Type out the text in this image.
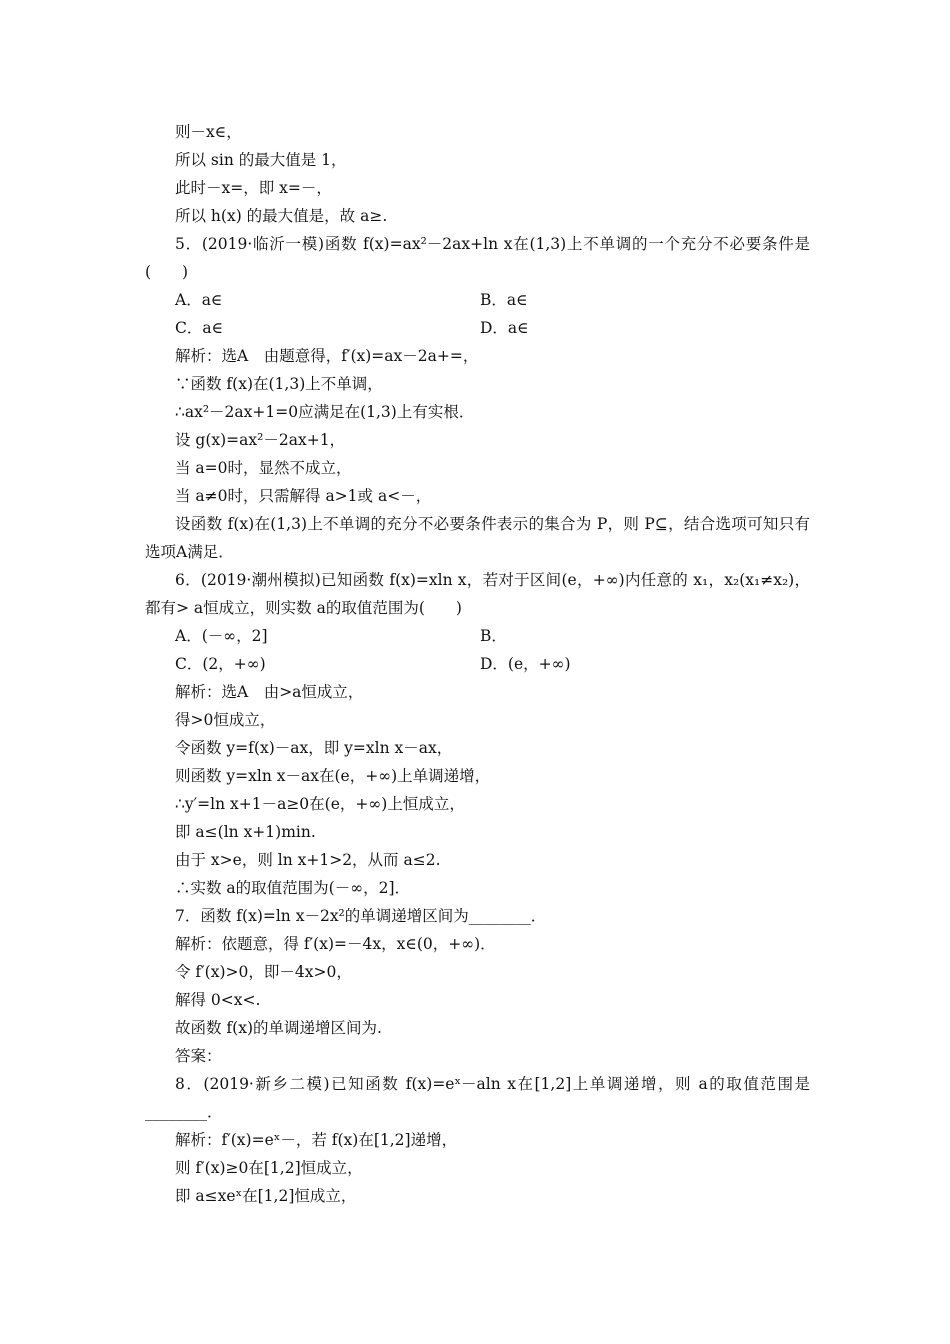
则－x∈，
所以 sin 的最大值是 1，
此时－x=，即 x=－，
所以 h(x) 的最大值是，故 a≥.
5．(2019·临沂一模)函数 f(x)=ax²－2ax+ln x在(1,3)上不单调的一个充分不必要条件是(　　)
A．a∈	B．a∈
C．a∈	D．a∈
解析：选A　由题意得，f′(x)=ax－2a+=，
∵函数 f(x)在(1,3)上不单调，
∴ax²－2ax+1=0应满足在(1,3)上有实根．
设 g(x)=ax²－2ax+1，
当 a=0时，显然不成立，
当 a≠0时，只需解得 a>1或 a<－，
设函数 f(x)在(1,3)上不单调的充分不必要条件表示的集合为 P，则 P⊆，结合选项可知只有选项A满足．
6．(2019·潮州模拟)已知函数 f(x)=xln x，若对于区间(e，+∞)内任意的 x₁，x₂(x₁≠x₂)，都有> a恒成立，则实数 a的取值范围为(　　)
A．(－∞，2]	B．
C．(2，+∞)	D．(e，+∞)
解析：选A　由>a恒成立，
得>0恒成立，
令函数 y=f(x)－ax，即 y=xln x－ax，
则函数 y=xln x－ax在(e，+∞)上单调递增，
∴y′=ln x+1－a≥0在(e，+∞)上恒成立，
即 a≤(ln x+1)min.
由于 x>e，则 ln x+1>2，从而 a≤2.
∴实数 a的取值范围为(－∞，2]．
7．函数 f(x)=ln x－2x²的单调递增区间为________．
解析：依题意，得 f′(x)=－4x，x∈(0，+∞)．
令 f′(x)>0，即－4x>0，
解得 0<x<.
故函数 f(x)的单调递增区间为.
答案：
8．(2019·新乡二模)已知函数 f(x)=eˣ－aln x在[1,2]上单调递增，则 a的取值范围是________．
解析：f′(x)=eˣ－，若 f(x)在[1,2]递增，
则 f′(x)≥0在[1,2]恒成立，
即 a≤xeˣ在[1,2]恒成立，
